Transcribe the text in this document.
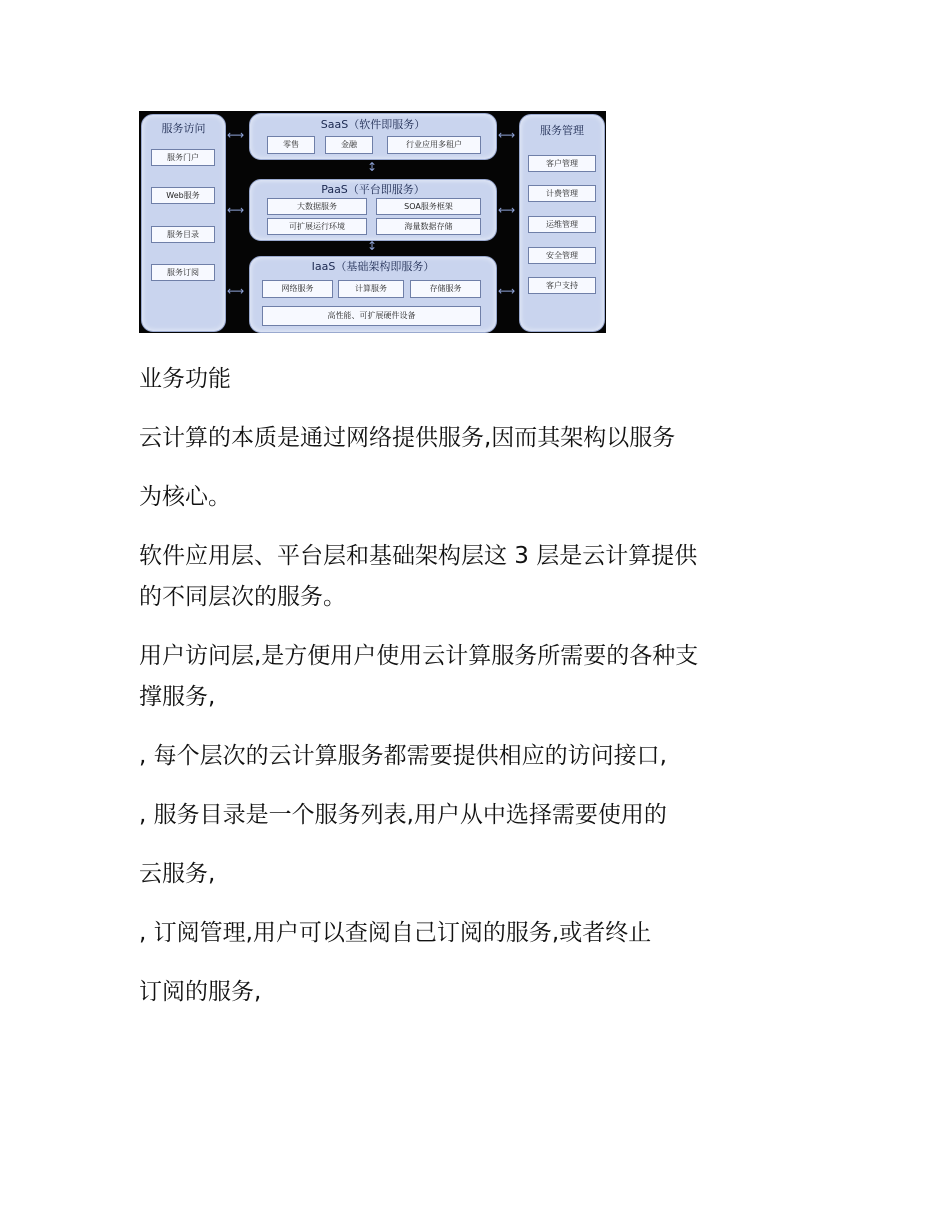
服务访问
服务门户
Web服务
服务目录
服务订阅
SaaS（软件即服务）
零售	金融	行业应用多租户
PaaS（平台即服务）
大数据服务	SOA服务框架
可扩展运行环境	海量数据存储
IaaS（基础架构即服务）
网络服务	计算服务	存储服务
高性能、可扩展硬件设备
服务管理
客户管理
计费管理
运维管理
安全管理
客户支持
⟷
⟷
⟷
⟷
⟷
⟷
↕
↕

业务功能

云计算的本质是通过网络提供服务,因而其架构以服务

为核心。

软件应用层、平台层和基础架构层这 3 层是云计算提供

的不同层次的服务。

用户访问层,是方便用户使用云计算服务所需要的各种支

撑服务,

, 每个层次的云计算服务都需要提供相应的访问接口,

, 服务目录是一个服务列表,用户从中选择需要使用的

云服务,

, 订阅管理,用户可以查阅自己订阅的服务,或者终止

订阅的服务,
